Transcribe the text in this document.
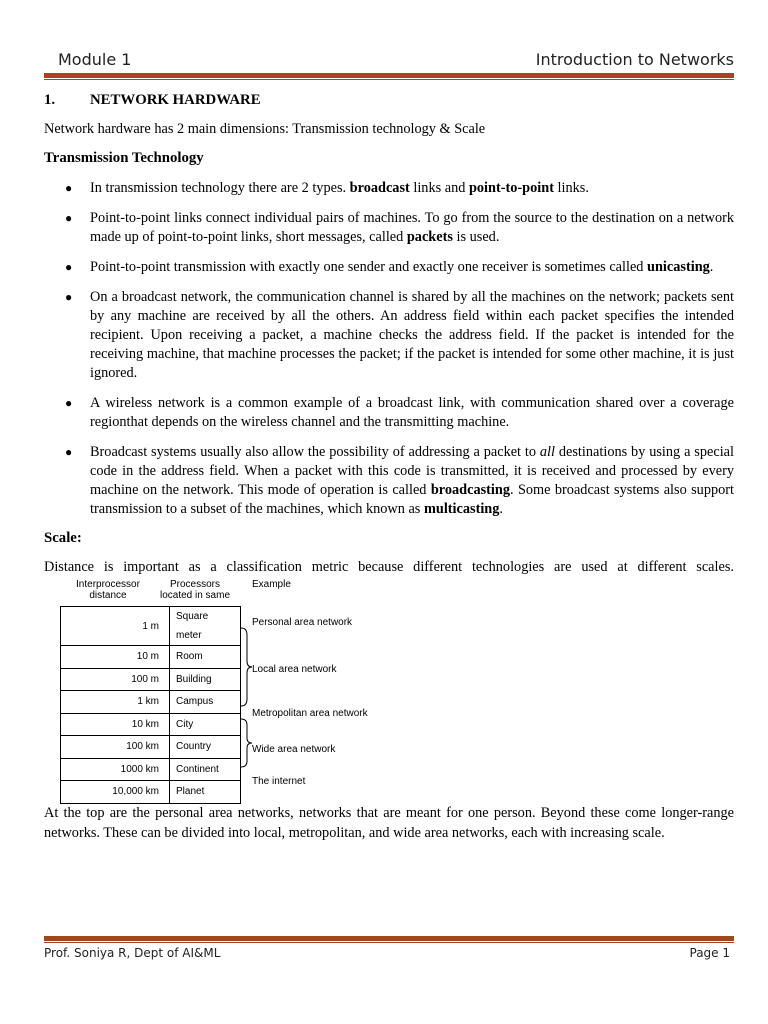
Module 1	Introduction to Networks
1. NETWORK HARDWARE

Network hardware has 2 main dimensions: Transmission technology & Scale

Transmission Technology
● In transmission technology there are 2 types. broadcast links and point-to-point links.
● Point-to-point links connect individual pairs of machines. To go from the source to the destination on a network made up of point-to-point links, short messages, called packets is used.
● Point-to-point transmission with exactly one sender and exactly one receiver is sometimes called unicasting.
● On a broadcast network, the communication channel is shared by all the machines on the network; packets sent by any machine are received by all the others. An address field within each packet specifies the intended recipient. Upon receiving a packet, a machine checks the address field. If the packet is intended for the receiving machine, that machine processes the packet; if the packet is intended for some other machine, it is just ignored.
● A wireless network is a common example of a broadcast link, with communication shared over a coverage regionthat depends on the wireless channel and the transmitting machine.
● Broadcast systems usually also allow the possibility of addressing a packet to all destinations by using a special code in the address field. When a packet with this code is transmitted, it is received and processed by every machine on the network. This mode of operation is called broadcasting. Some broadcast systems also support transmission to a subset of the machines, which known as multicasting.
Scale:

Distance is important as a classification metric because different technologies are used at different scales.

Interprocessor distance
Processors located in same
Example
1 m	Square meter
10 m	Room
100 m	Building
1 km	Campus
10 km	City
100 km	Country
1000 km	Continent
10,000 km	Planet
Personal area network
Local area network
Metropolitan area network
Wide area network
The internet

At the top are the personal area networks, networks that are meant for one person. Beyond these come longer-range networks. These can be divided into local, metropolitan, and wide area networks, each with increasing scale.

Prof. Soniya R, Dept of AI&ML	Page 1
